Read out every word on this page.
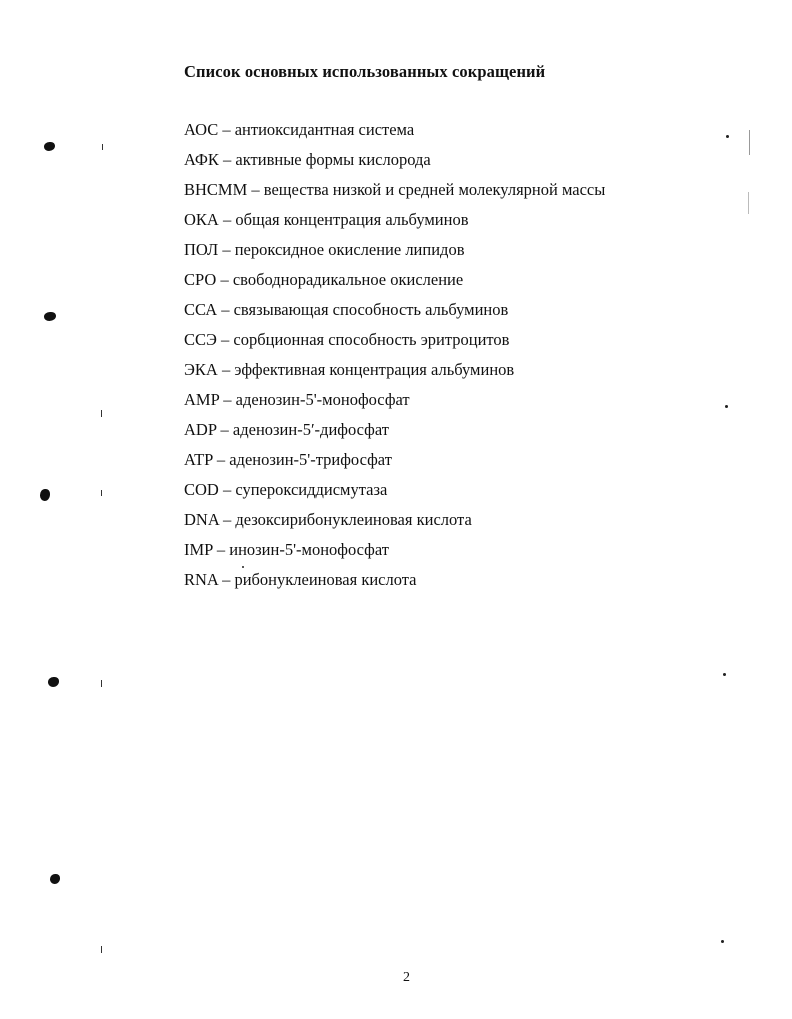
Список основных использованных сокращений
АОС – антиоксидантная система
АФК – активные формы кислорода
ВНСММ – вещества низкой и средней молекулярной массы
ОКА – общая концентрация альбуминов
ПОЛ – пероксидное окисление липидов
СРО – свободнорадикальное окисление
ССА – связывающая способность альбуминов
ССЭ – сорбционная способность эритроцитов
ЭКА – эффективная концентрация альбуминов
AMP – аденозин-5'-монофосфат
ADP – аденозин-5′-дифосфат
ATP – аденозин-5'-трифосфат
COD – супероксиддисмутаза
DNA – дезоксирибонуклеиновая кислота
IMP – инозин-5'-монофосфат
RNA – рибонуклеиновая кислота
2
